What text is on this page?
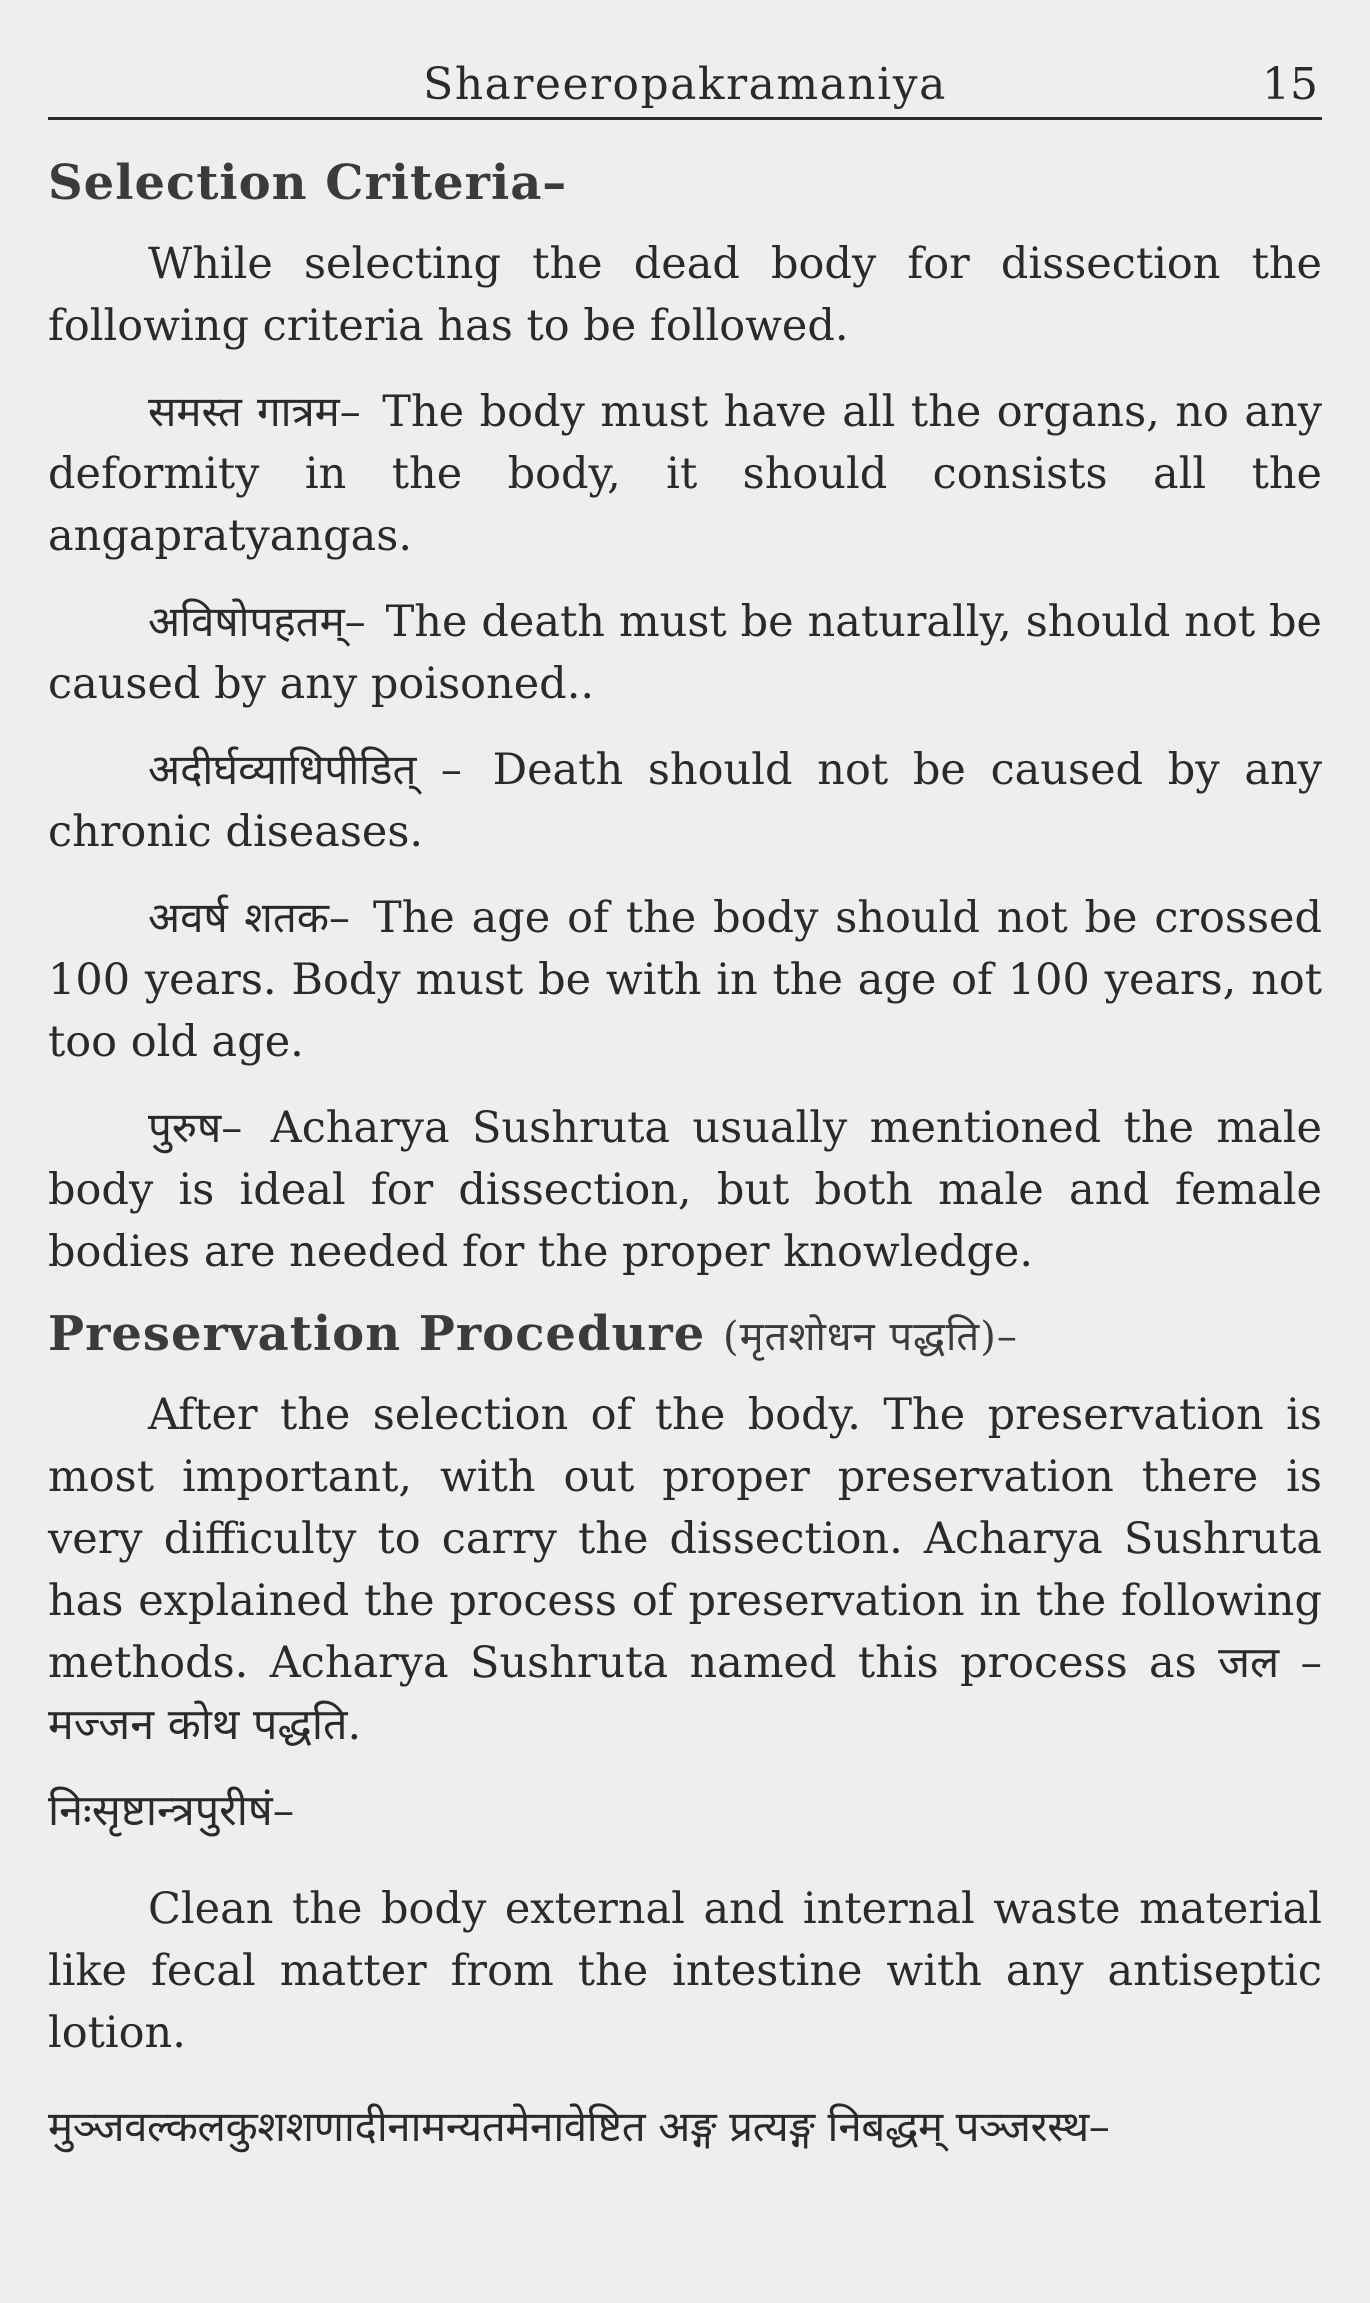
Shareeropakramaniya	15
Selection Criteria–

While selecting the dead body for dissection the following criteria has to be followed.

समस्त गात्रम– The body must have all the organs, no any deformity in the body, it should consists all the angapratyangas.

अविषोपहतम्– The death must be naturally, should not be caused by any poisoned..

अदीर्घव्याधिपीडित् – Death should not be caused by any chronic diseases.

अवर्ष शतक– The age of the body should not be crossed 100 years. Body must be with in the age of 100 years, not too old age.

पुरुष– Acharya Sushruta usually mentioned the male body is ideal for dissection, but both male and female bodies are needed for the proper knowledge.

Preservation Procedure (मृतशोधन पद्धति)–

After the selection of the body. The preservation is most important, with out proper preservation there is very difficulty to carry the dissection. Acharya Sushruta has explained the process of preservation in the following methods. Acharya Sushruta named this process as जल – मज्जन कोथ पद्धति.

निःसृष्टान्त्रपुरीषं–

Clean the body external and internal waste material like fecal matter from the intestine with any antiseptic lotion.

मुञ्जवल्कलकुशशणादीनामन्यतमेनावेष्टित अङ्ग प्रत्यङ्ग निबद्धम् पञ्जरस्थ–
